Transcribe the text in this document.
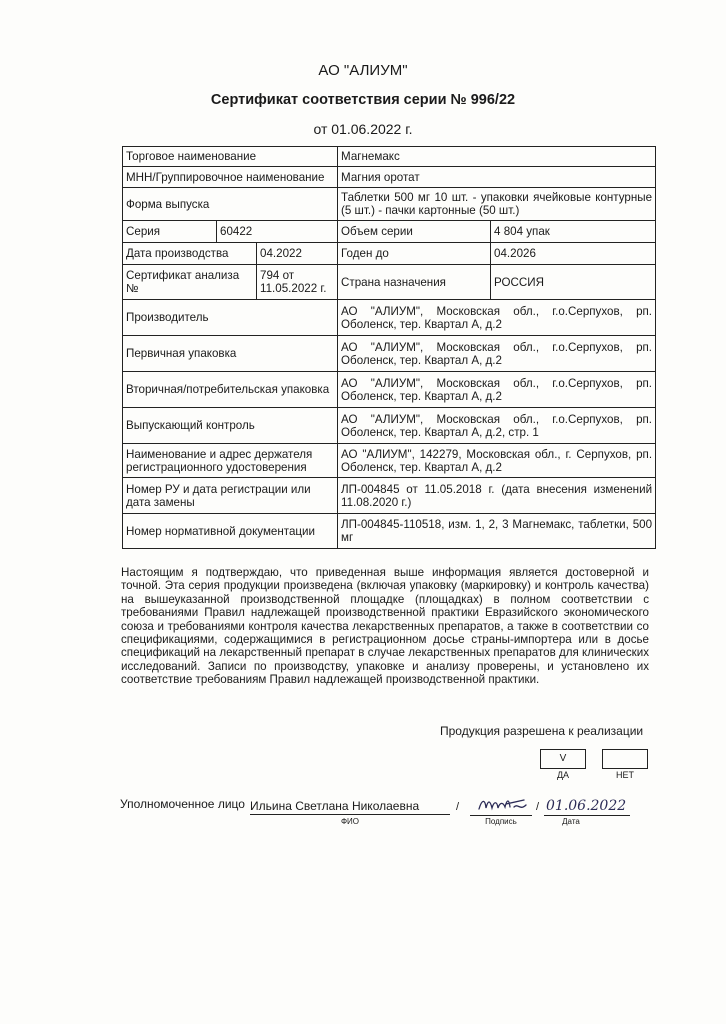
АО "АЛИУМ"
Сертификат соответствия серии № 996/22
от 01.06.2022 г.
Торговое наименование			Магнемакс	
МНН/Группировочное наименование			Магния оротат	
Форма выпуска			Таблетки 500 мг 10 шт. - упаковки ячейковые контурные (5 шт.) - пачки картонные (50 шт.)	
Серия	60422		Объем серии	4 804 упак
Дата производства		04.2022	Годен до	04.2026
Сертификат анализа №		794 от 11.05.2022 г.	Страна назначения	РОССИЯ
Производитель			АО "АЛИУМ", Московская обл., г.о.Серпухов, рп. Оболенск, тер. Квартал А, д.2	
Первичная упаковка			АО "АЛИУМ", Московская обл., г.о.Серпухов, рп. Оболенск, тер. Квартал А, д.2	
Вторичная/потребительская упаковка			АО "АЛИУМ", Московская обл., г.о.Серпухов, рп. Оболенск, тер. Квартал А, д.2	
Выпускающий контроль			АО "АЛИУМ", Московская обл., г.о.Серпухов, рп. Оболенск, тер. Квартал А, д.2, стр. 1	
Наименование и адрес держателя регистрационного удостоверения			АО "АЛИУМ", 142279, Московская обл., г. Серпухов, рп. Оболенск, тер. Квартал А, д.2	
Номер РУ и дата регистрации или дата замены			ЛП-004845 от 11.05.2018 г. (дата внесения изменений 11.08.2020 г.)	
Номер нормативной документации			ЛП-004845-110518, изм. 1, 2, 3 Магнемакс, таблетки, 500 мг	
Настоящим я подтверждаю, что приведенная выше информация является достоверной и точной. Эта серия продукции произведена (включая упаковку (маркировку) и контроль качества) на вышеуказанной производственной площадке (площадках) в полном соответствии с требованиями Правил надлежащей производственной практики Евразийского экономического союза и требованиями контроля качества лекарственных препаратов, а также в соответствии со спецификациями, содержащимися в регистрационном досье страны-импортера или в досье спецификаций на лекарственный препарат в случае лекарственных препаратов для клинических исследований. Записи по производству, упаковке и анализу проверены, и установлено их соответствие требованиям Правил надлежащей производственной практики.
Продукция разрешена к реализации
V
ДА	НЕТ
Уполномоченное лицо Ильина Светлана Николаевна	/	/ 01.06.2022
ФИО	Подпись	Дата
